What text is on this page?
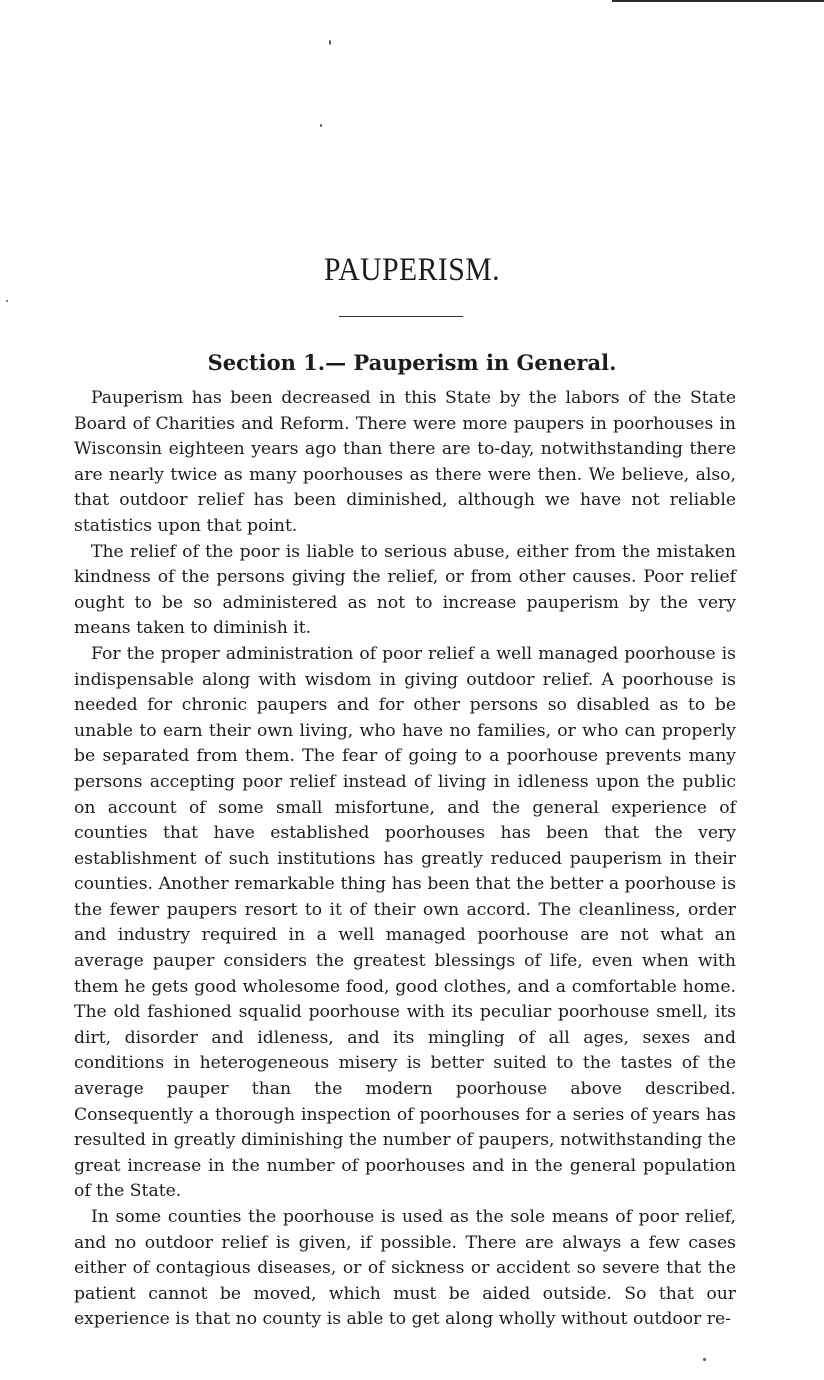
PAUPERISM.
Section 1.— Pauperism in General.

Pauperism has been decreased in this State by the labors of the State Board of Charities and Reform. There were more paupers in poorhouses in Wisconsin eighteen years ago than there are to-day, notwithstanding there are nearly twice as many poorhouses as there were then. We believe, also, that outdoor relief has been diminished, although we have not reliable statistics upon that point.

The relief of the poor is liable to serious abuse, either from the mistaken kindness of the persons giving the relief, or from other causes. Poor relief ought to be so administered as not to increase pauperism by the very means taken to diminish it.

For the proper administration of poor relief a well managed poorhouse is indispensable along with wisdom in giving outdoor relief. A poorhouse is needed for chronic paupers and for other persons so disabled as to be unable to earn their own living, who have no families, or who can properly be separated from them. The fear of going to a poorhouse prevents many persons accepting poor relief instead of living in idleness upon the public on account of some small misfortune, and the general experience of counties that have established poorhouses has been that the very establishment of such institutions has greatly reduced pauperism in their counties. Another remarkable thing has been that the better a poorhouse is the fewer paupers resort to it of their own accord. The cleanliness, order and industry required in a well managed poorhouse are not what an average pauper considers the greatest blessings of life, even when with them he gets good wholesome food, good clothes, and a comfortable home. The old fashioned squalid poorhouse with its peculiar poorhouse smell, its dirt, disorder and idleness, and its mingling of all ages, sexes and conditions in heterogeneous misery is better suited to the tastes of the average pauper than the modern poorhouse above described. Consequently a thorough inspection of poorhouses for a series of years has resulted in greatly diminishing the number of paupers, notwithstanding the great increase in the number of poorhouses and in the general population of the State.

In some counties the poorhouse is used as the sole means of poor relief, and no outdoor relief is given, if possible. There are always a few cases either of contagious diseases, or of sickness or accident so severe that the patient cannot be moved, which must be aided outside. So that our experience is that no county is able to get along wholly without outdoor re-
